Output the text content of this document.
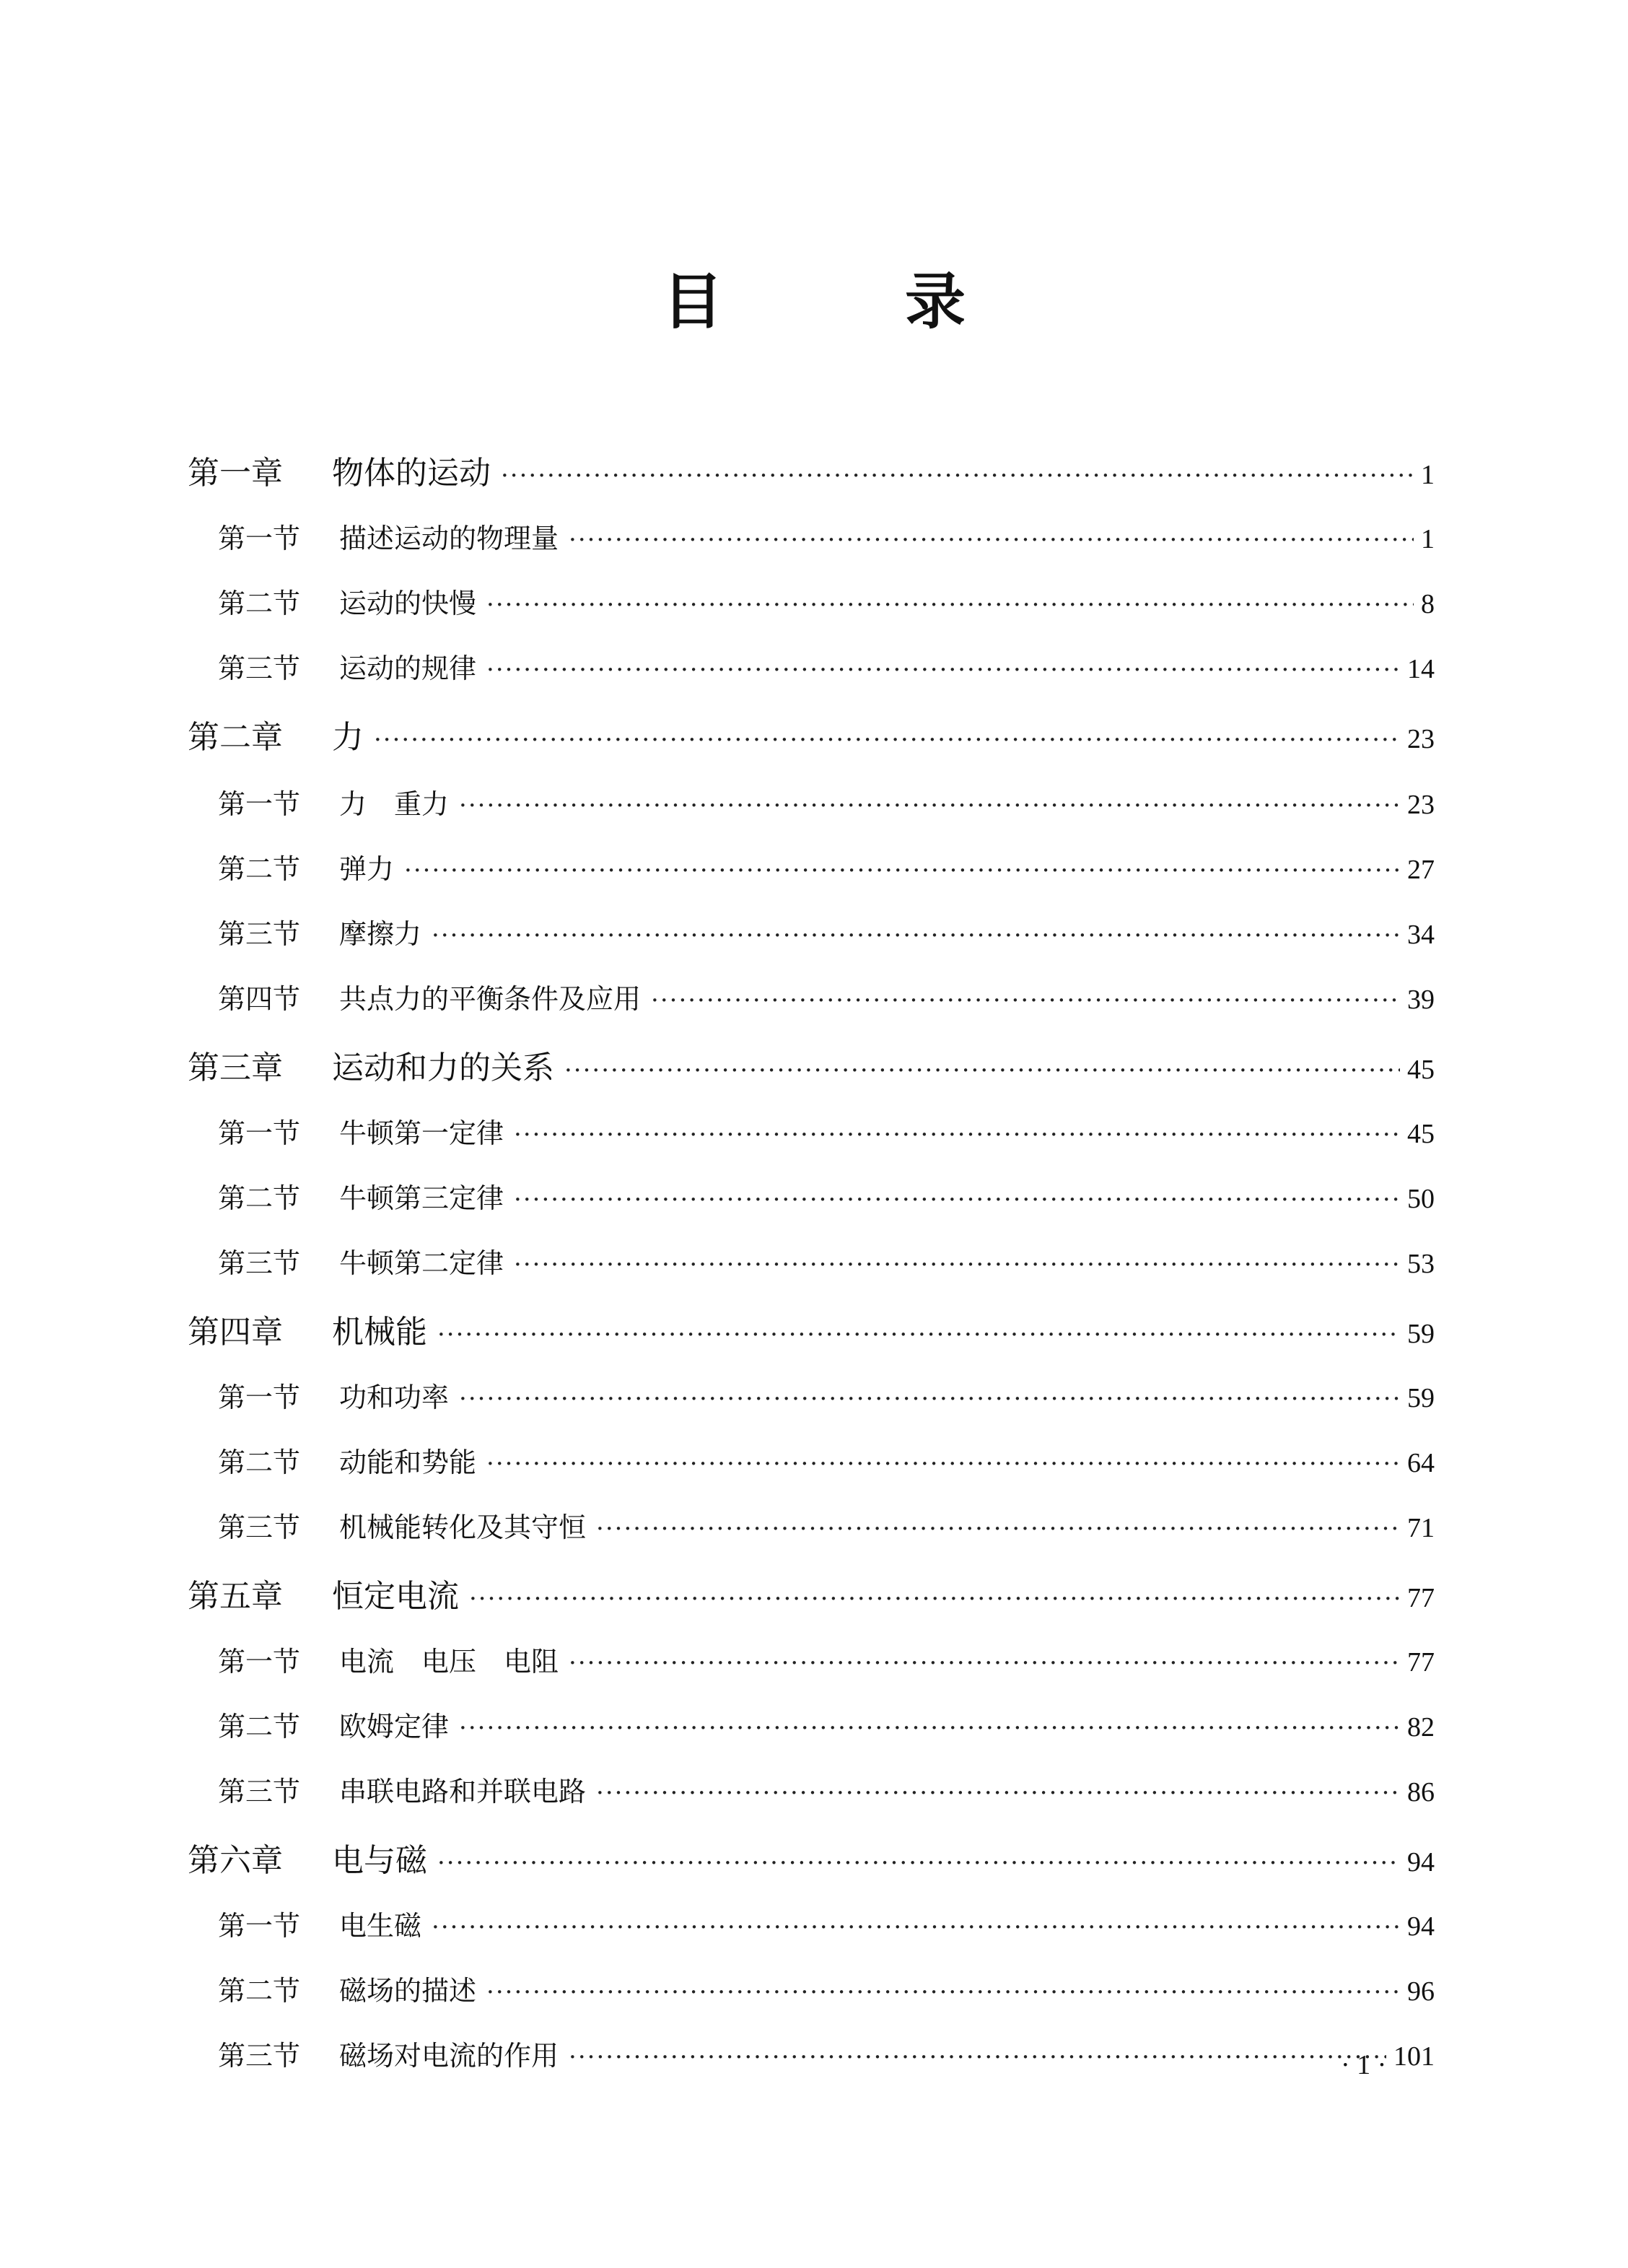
目　录
第一章	物体的运动 ·····	1
第一节	描述运动的物理量 ·····	1
第二节	运动的快慢 ·····	8
第三节	运动的规律 ·····	14
第二章	力 ·····	23
第一节	力　重力 ·····	23
第二节	弹力 ·····	27
第三节	摩擦力 ·····	34
第四节	共点力的平衡条件及应用 ·····	39
第三章	运动和力的关系 ·····	45
第一节	牛顿第一定律 ·····	45
第二节	牛顿第三定律 ·····	50
第三节	牛顿第二定律 ·····	53
第四章	机械能 ·····	59
第一节	功和功率 ·····	59
第二节	动能和势能 ·····	64
第三节	机械能转化及其守恒 ·····	71
第五章	恒定电流 ·····	77
第一节	电流　电压　电阻 ·····	77
第二节	欧姆定律 ·····	82
第三节	串联电路和并联电路 ·····	86
第六章	电与磁 ·····	94
第一节	电生磁 ·····	94
第二节	磁场的描述 ·····	96
第三节	磁场对电流的作用 ·····	101
· 1 ·
